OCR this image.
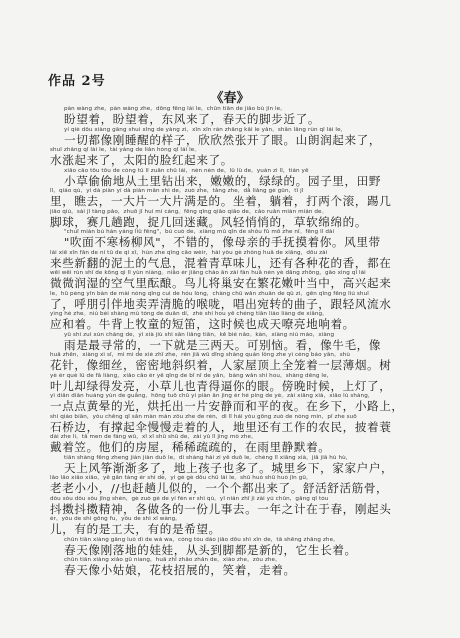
作品 2号
《春》
pàn wàng zhe，pàn wàng zhe，dōng fēng lái le，chūn tiān de jiǎo bù jìn le。
盼望着，盼望着，东风来了，春天的脚步近了。
yí qiè dōu xiàng gāng shuì xǐng de yàng zi，xīn xīn rán zhāng kāi le yǎn。shān lǎng rùn qǐ lái le，
一切都像刚睡醒的样子，欣欣然张开了眼。山朗润起来了，
shuǐ zhǎng qǐ lái le，tài yáng de liǎn hóng qǐ lái le。
水涨起来了，太阳的脸红起来了。
xiǎo cǎo tōu tōu de cóng tǔ lǐ zuān chū lái，nèn nèn de，lǜ lǜ de。yuán zi lǐ，tián yě
小草偷偷地从土里钻出来，嫩嫩的，绿绿的。园子里，田野
lǐ，qiáo qù，yí dà piàn yí dà piàn mǎn shì de。zuò zhe，tǎng zhe，dǎ liǎng gè gǔn，tī jǐ
里，瞧去，一大片一大片满是的。坐着，躺着，打两个滚，踢几
jiǎo qiú，sài jǐ tàng pǎo，zhuō jǐ huí mí cáng。fēng qīng qiāo qiāo de，cǎo ruǎn mián mián de。
脚球，赛几趟跑，捉几回迷藏。风轻悄悄的，草软绵绵的。
"chuī miàn bù hán yáng liǔ fēng"，bú cuò de，xiàng mǔ qīn de shǒu fǔ mō zhe nǐ。fēng lǐ dài
"吹面不寒杨柳风"，不错的，像母亲的手抚摸着你。风里带
lái xiē xīn fān de ní tǔ de qì xī，hùn zhe qīng cǎo wèir，hái yǒu gè zhǒng huā de xiāng，dōu zài
来些新翻的泥土的气息，混着青草味儿，还有各种花的香，都在
wēi wēi rùn shī de kōng qì lǐ yùn niàng。niǎo ér jiāng cháo ān zài fán huā nèn yè dāng zhōng，gāo xìng qǐ lái
微微润湿的空气里酝酿。鸟儿将巢安在繁花嫩叶当中，高兴起来
le，hū péng yǐn bàn de mài nòng qīng cuì de hóu lóng，chàng chū wǎn zhuǎn de qǔ zi，gēn qīng fēng liú shuǐ
了，呼朋引伴地卖弄清脆的喉咙，唱出宛转的曲子，跟轻风流水
yìng hè zhe。niú bèi shàng mù tóng de duǎn dí，zhè shí hou yě chéng tiān liáo liàng de xiǎng。
应和着。牛背上牧童的短笛，这时候也成天嘹亮地响着。
yǔ shì zuì xún cháng de，yì xià jiù shì sān liǎng tiān。kě bié nǎo。kàn，xiàng niú máo，xiàng
雨是最寻常的，一下就是三两天。可别恼。看，像牛毛，像
huā zhēn，xiàng xì sī，mì mì de xié zhī zhe，rén jiā wū dǐng shàng quán lǒng zhe yì céng báo yān。shù
花针，像细丝，密密地斜织着，人家屋顶上全笼着一层薄烟。树
yè ér què lǜ de fā liàng，xiǎo cǎo ér yě qīng de bī nǐ de yǎn。bàng wǎn shí hou，shàng dēng le，
叶儿却绿得发亮，小草儿也青得逼你的眼。傍晚时候，上灯了，
yì diǎn diǎn huáng yùn de guāng，hōng tuō chū yí piàn ān jìng ér hé píng de yè。zài xiāng xià，xiǎo lù shàng，
一点点黄晕的光，烘托出一片安静而和平的夜。在乡下，小路上，
shí qiáo biān，yǒu chēng qǐ sǎn màn màn zǒu zhe de rén，dì lǐ hái yǒu gōng zuò de nóng mín，pī zhe suō
石桥边，有撑起伞慢慢走着的人，地里还有工作的农民，披着蓑
dài zhe lì。tā men de fáng wū，xī xī shū shū de，zài yǔ lǐ jìng mò zhe。
戴着笠。他们的房屋，稀稀疏疏的，在雨里静默着。
tiān shàng fēng zheng jiàn jiàn duō le，dì shàng hái zi yě duō le。chéng lǐ xiāng xià，jiā jiā hù hù，
天上风筝渐渐多了，地上孩子也多了。城里乡下，家家户户，
lǎo lǎo xiǎo xiǎo，yě gǎn tàng ér shì de，yí gè gè dōu chū lái le。shū huó shū huó jīn gǔ，
老老小小，//也赶趟儿似的，一个个都出来了。舒活舒活筋骨，
dǒu sǒu dǒu sǒu jīng shén，gè zuò gè de yí fèn er shì qù。yī nián zhī jì zài yú chūn，gāng qǐ tóu
抖擞抖擞精神，各做各的一份儿事去。一年之计在于春，刚起头
ér，yǒu de shì gōng fu，yǒu de shì xī wàng。
儿，有的是工夫，有的是希望。
chūn tiān xiàng gāng luò dì de wá wa，cóng tóu dào jiǎo dōu shì xīn de，tā shēng zhǎng zhe。
春天像刚落地的娃娃，从头到脚都是新的，它生长着。
chūn tiān xiàng xiǎo gū niang，huā zhī zhāo zhǎn de，xiào zhe，zǒu zhe。
春天像小姑娘，花枝招展的，笑着，走着。
